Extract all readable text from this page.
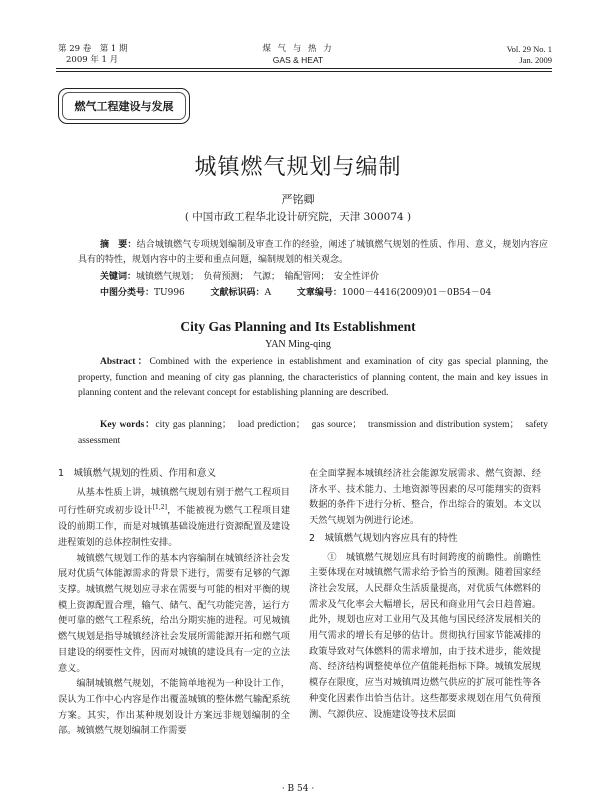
第 29 卷　第 1 期
2009 年 1 月
煤 气 与 热 力
GAS & HEAT
Vol. 29 No. 1
Jan. 2009
燃气工程建设与发展
城镇燃气规划与编制
严铭卿
( 中国市政工程华北设计研究院，天津 300074 )
摘　要：结合城镇燃气专项规划编制及审查工作的经验，阐述了城镇燃气规划的性质、作用、意义，规划内容应具有的特性，规划内容中的主要和重点问题，编制规划的相关观念。
关键词：城镇燃气规划；　负荷预测；　气源；　输配管网；　安全性评价
中图分类号：TU996	文献标识码：A	文章编号：1000－4416(2009)01－0B54－04
City Gas Planning and Its Establishment
YAN Ming-qing
Abstract：Combined with the experience in establishment and examination of city gas special planning, the property, function and meaning of city gas planning, the characteristics of planning content, the main and key issues in planning content and the relevant concept for establishing planning are described.
Key words：city gas planning；　load prediction；　gas source；　transmission and distribution system；　safety assessment
1　城镇燃气规划的性质、作用和意义

从基本性质上讲，城镇燃气规划有别于燃气工程项目可行性研究或初步设计[1,2]，不能被视为燃气工程项目建设的前期工作，而是对城镇基础设施进行资源配置及建设进程策划的总体控制性安排。

城镇燃气规划工作的基本内容编制在城镇经济社会发展对优质气体能源需求的背景下进行，需要有足够的气源支撑。城镇燃气规划应寻求在需要与可能的相对平衡的规模上资源配置合理，输气、储气、配气功能完善，运行方便可靠的燃气工程系统，给出分期实施的进程。可见城镇燃气规划是指导城镇经济社会发展所需能源开拓和燃气项目建设的纲要性文件，因而对城镇的建设具有一定的立法意义。

编制城镇燃气规划，不能简单地视为一种设计工作，误认为工作中心内容是作出覆盖城镇的整体燃气输配系统方案。其实，作出某种规划设计方案远非规划编制的全部。城镇燃气规划编制工作需要

在全面掌握本城镇经济社会能源发展需求、燃气资源、经济水平、技术能力、土地资源等因素的尽可能翔实的资料数据的条件下进行分析、整合，作出综合的策划。本文以天然气规划为例进行论述。

2　城镇燃气规划内容应具有的特性

①　城镇燃气规划应具有时间跨度的前瞻性。前瞻性主要体现在对城镇燃气需求给予恰当的预测。随着国家经济社会发展，人民群众生活质量提高，对优质气体燃料的需求及气化率会大幅增长，居民和商业用气会日趋普遍。此外，规划也应对工业用气及其他与国民经济发展相关的用气需求的增长有足够的估计。贯彻执行国家节能减排的政策导致对气体燃料的需求增加，由于技术进步，能效提高、经济结构调整使单位产值能耗指标下降。城镇发展规模存在限度，应当对城镇周边燃气供应的扩展可能性等各种变化因素作出恰当估计。这些都要求规划在用气负荷预测、气源供应、设施建设等技术层面

· B 54 ·
